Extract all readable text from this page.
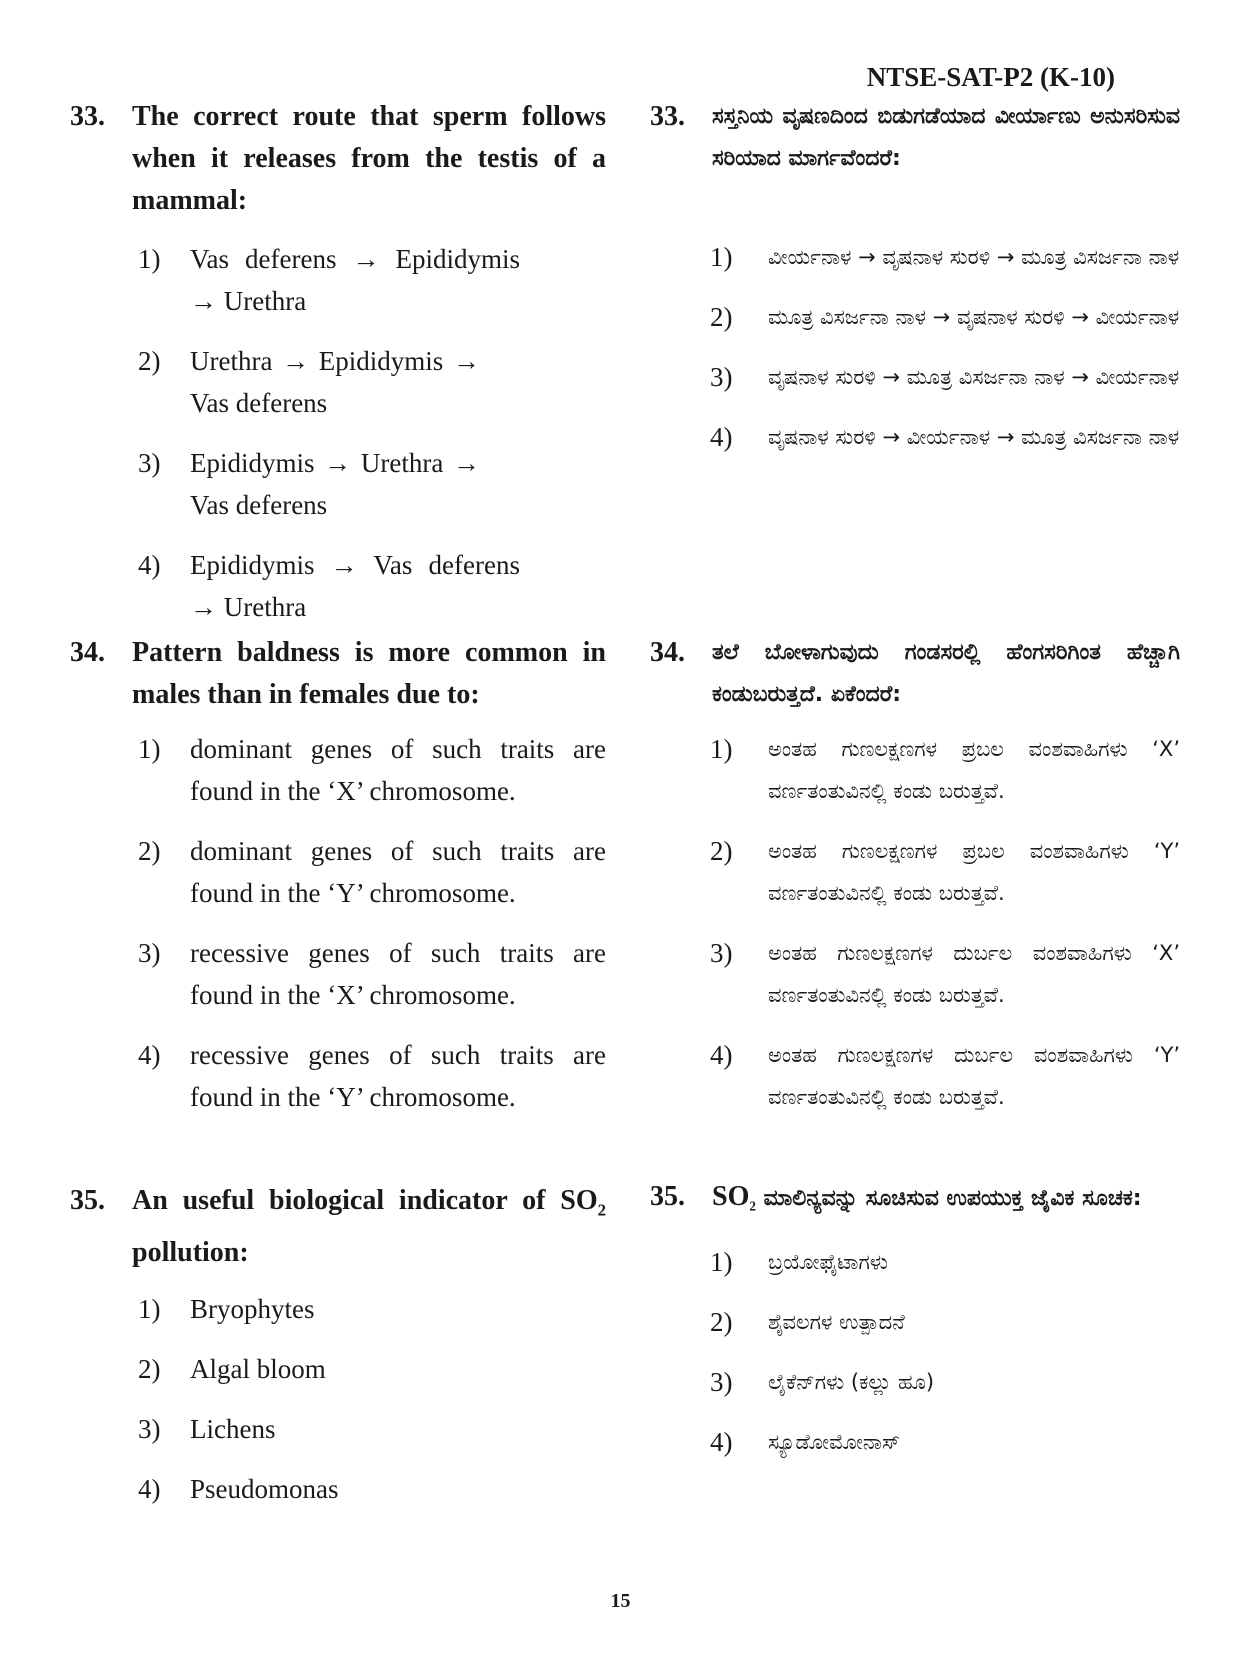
NTSE-SAT-P2 (K-10)
33. The correct route that sperm follows when it releases from the testis of a mammal:
1)	Vas deferens → Epididymis → Urethra
2)	Urethra → Epididymis → Vas deferens
3)	Epididymis → Urethra → Vas deferens
4)	Epididymis → Vas deferens → Urethra
34. Pattern baldness is more common in males than in females due to:
1)	dominant genes of such traits are found in the ‘X’ chromosome.
2)	dominant genes of such traits are found in the ‘Y’ chromosome.
3)	recessive genes of such traits are found in the ‘X’ chromosome.
4)	recessive genes of such traits are found in the ‘Y’ chromosome.
35. An useful biological indicator of $SO_2$ pollution:
1)	Bryophytes
2)	Algal bloom
3)	Lichens
4)	Pseudomonas
33.	ಸಸ್ತನಿಯ ವೃಷಣದಿಂದ ಬಿಡುಗಡೆಯಾದ ವೀರ್ಯಾಣು ಅನುಸರಿಸುವ ಸರಿಯಾದ ಮಾರ್ಗವೆಂದರೆ:
1)	ವೀರ್ಯನಾಳ → ವೃಷನಾಳ ಸುರಳಿ → ಮೂತ್ರ ವಿಸರ್ಜನಾ ನಾಳ
2)	ಮೂತ್ರ ವಿಸರ್ಜನಾ ನಾಳ → ವೃಷನಾಳ ಸುರಳಿ → ವೀರ್ಯನಾಳ
3)	ವೃಷನಾಳ ಸುರಳಿ → ಮೂತ್ರ ವಿಸರ್ಜನಾ ನಾಳ → ವೀರ್ಯನಾಳ
4)	ವೃಷನಾಳ ಸುರಳಿ → ವೀರ್ಯನಾಳ → ಮೂತ್ರ ವಿಸರ್ಜನಾ ನಾಳ
34.	ತಲೆ ಬೋಳಾಗುವುದು ಗಂಡಸರಲ್ಲಿ ಹೆಂಗಸರಿಗಿಂತ ಹೆಚ್ಚಾಗಿ ಕಂಡುಬರುತ್ತದೆ. ಏಕೆಂದರೆ:
1)	ಅಂತಹ ಗುಣಲಕ್ಷಣಗಳ ಪ್ರಬಲ ವಂಶವಾಹಿಗಳು ‘X’ ವರ್ಣತಂತುವಿನಲ್ಲಿ ಕಂಡು ಬರುತ್ತವೆ.
2)	ಅಂತಹ ಗುಣಲಕ್ಷಣಗಳ ಪ್ರಬಲ ವಂಶವಾಹಿಗಳು ‘Y’ ವರ್ಣತಂತುವಿನಲ್ಲಿ ಕಂಡು ಬರುತ್ತವೆ.
3)	ಅಂತಹ ಗುಣಲಕ್ಷಣಗಳ ದುರ್ಬಲ ವಂಶವಾಹಿಗಳು ‘X’ ವರ್ಣತಂತುವಿನಲ್ಲಿ ಕಂಡು ಬರುತ್ತವೆ.
4)	ಅಂತಹ ಗುಣಲಕ್ಷಣಗಳ ದುರ್ಬಲ ವಂಶವಾಹಿಗಳು ‘Y’ ವರ್ಣತಂತುವಿನಲ್ಲಿ ಕಂಡು ಬರುತ್ತವೆ.
35. $SO_2$ ಮಾಲಿನ್ಯವನ್ನು ಸೂಚಿಸುವ ಉಪಯುಕ್ತ ಜೈವಿಕ ಸೂಚಕ:
1)	ಬ್ರಯೋಫೈಟಾಗಳು
2)	ಶೈವಲಗಳ ಉತ್ಪಾದನೆ
3)	ಲೈಕೆನ್‌ಗಳು (ಕಲ್ಲು ಹೂ)
4)	ಸ್ಯೂಡೋಮೋನಾಸ್
15
